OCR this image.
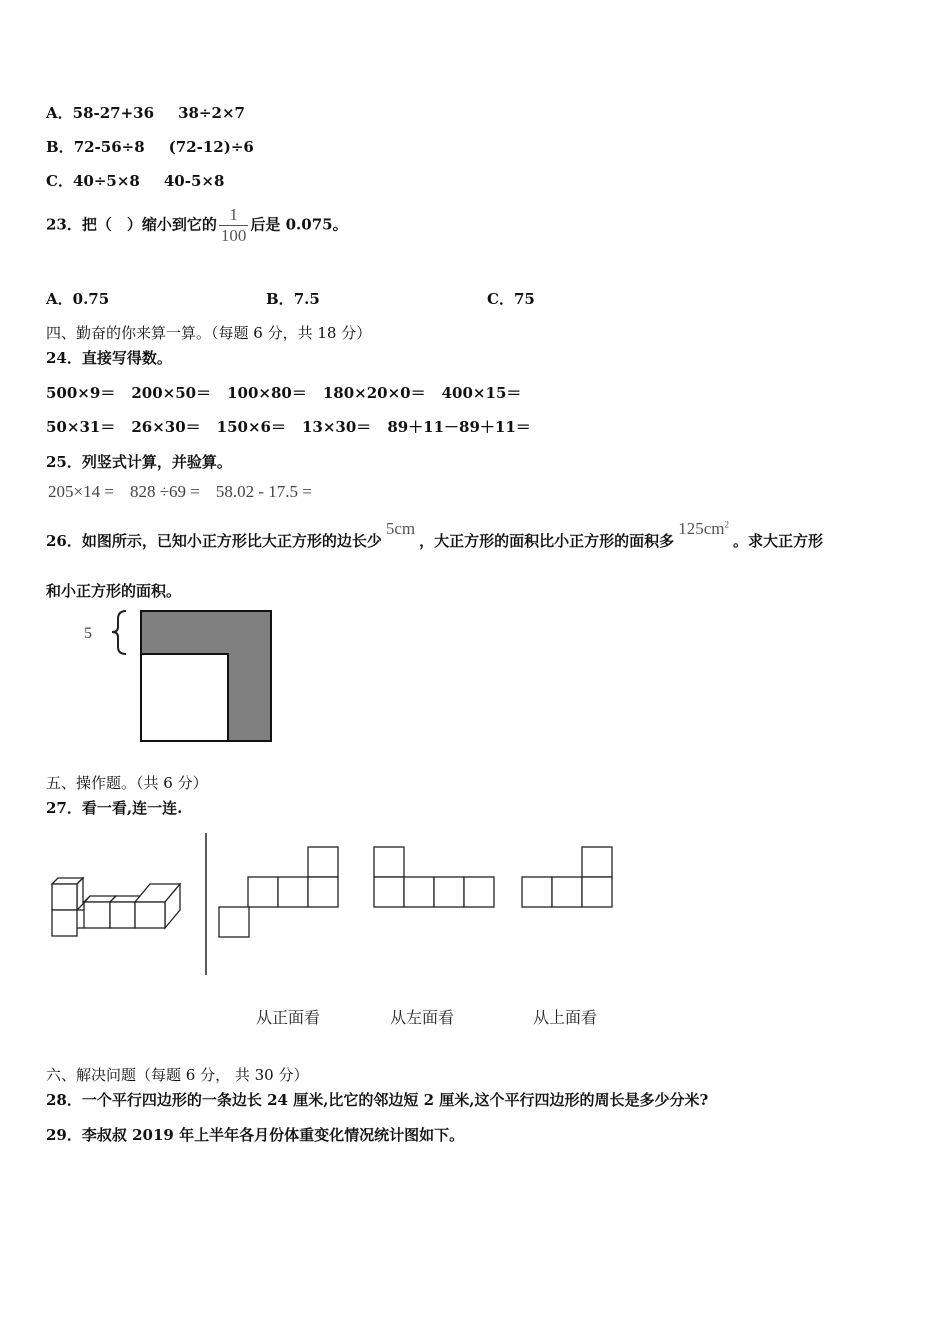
A．58-27+36 38÷2×7
B．72-56÷8 (72-12)÷6
C．40÷5×8 40-5×8
23．把（　）缩小到它的 $\frac{1}{100}$ 后是 0.075。
A．0.75	B．7.5	C．75
四、勤奋的你来算一算。（每题 6 分，共 18 分）
24．直接写得数。
500×9＝ 200×50＝ 100×80＝ 180×20×0＝ 400×15＝
50×31＝ 26×30＝ 150×6＝ 13×30＝ 89＋11－89＋11＝
25．列竖式计算，并验算。
205×14 = 828 ÷69 = 58.02 - 17.5 =
26．如图所示，已知小正方形比大正方形的边长少5cm，大正方形的面积比小正方形的面积多$125cm^2$。求大正方形
和小正方形的面积。
5
五、操作题。（共 6 分）
27．看一看,连一连.
从正面看	从左面看	从上面看
六、解决问题（每题 6 分， 共 30 分）
28．一个平行四边形的一条边长 24 厘米,比它的邻边短 2 厘米,这个平行四边形的周长是多少分米?
29．李叔叔 2019 年上半年各月份体重变化情况统计图如下。
